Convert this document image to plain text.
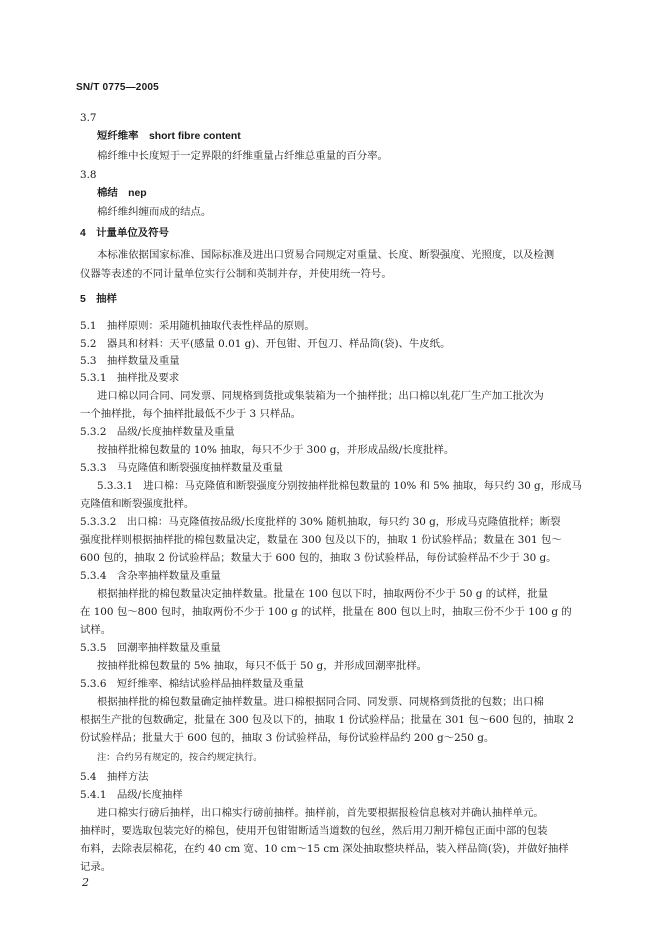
SN/T 0775—2005
3.7
短纤维率　short fibre content
棉纤维中长度短于一定界限的纤维重量占纤维总重量的百分率。
3.8
棉结　nep
棉纤维纠缠而成的结点。
4　计量单位及符号
本标准依据国家标准、国际标准及进出口贸易合同规定对重量、长度、断裂强度、光照度，以及检测
仪器等表述的不同计量单位实行公制和英制并存，并使用统一符号。
5　抽样
5.1　抽样原则：采用随机抽取代表性样品的原则。
5.2　器具和材料：天平(感量 0.01 g)、开包钳、开包刀、样品筒(袋)、牛皮纸。
5.3　抽样数量及重量
5.3.1　抽样批及要求
进口棉以同合同、同发票、同规格到货批或集装箱为一个抽样批；出口棉以轧花厂生产加工批次为
一个抽样批，每个抽样批最低不少于 3 只样品。
5.3.2　品级/长度抽样数量及重量
按抽样批棉包数量的 10% 抽取，每只不少于 300 g，并形成品级/长度批样。
5.3.3　马克隆值和断裂强度抽样数量及重量
5.3.3.1　进口棉：马克隆值和断裂强度分别按抽样批棉包数量的 10% 和 5% 抽取，每只约 30 g，形成马
克隆值和断裂强度批样。
5.3.3.2　出口棉：马克隆值按品级/长度批样的 30% 随机抽取，每只约 30 g，形成马克隆值批样；断裂
强度批样则根据抽样批的棉包数量决定，数量在 300 包及以下的，抽取 1 份试验样品；数量在 301 包～
600 包的，抽取 2 份试验样品；数量大于 600 包的，抽取 3 份试验样品，每份试验样品不少于 30 g。
5.3.4　含杂率抽样数量及重量
根据抽样批的棉包数量决定抽样数量。批量在 100 包以下时，抽取两份不少于 50 g 的试样，批量
在 100 包～800 包时，抽取两份不少于 100 g 的试样，批量在 800 包以上时，抽取三份不少于 100 g 的
试样。
5.3.5　回潮率抽样数量及重量
按抽样批棉包数量的 5% 抽取，每只不低于 50 g，并形成回潮率批样。
5.3.6　短纤维率、棉结试验样品抽样数量及重量
根据抽样批的棉包数量确定抽样数量。进口棉根据同合同、同发票、同规格到货批的包数；出口棉
根据生产批的包数确定，批量在 300 包及以下的，抽取 1 份试验样品；批量在 301 包～600 包的，抽取 2
份试验样品；批量大于 600 包的，抽取 3 份试验样品，每份试验样品约 200 g～250 g。
注：合约另有规定的，按合约规定执行。
5.4　抽样方法
5.4.1　品级/长度抽样
进口棉实行磅后抽样，出口棉实行磅前抽样。抽样前，首先要根据报检信息核对并确认抽样单元。
抽样时，要选取包装完好的棉包，使用开包钳钳断适当道数的包丝，然后用刀割开棉包正面中部的包装
布料，去除表层棉花，在约 40 cm 宽、10 cm～15 cm 深处抽取整块样品，装入样品筒(袋)，并做好抽样
记录。
2
